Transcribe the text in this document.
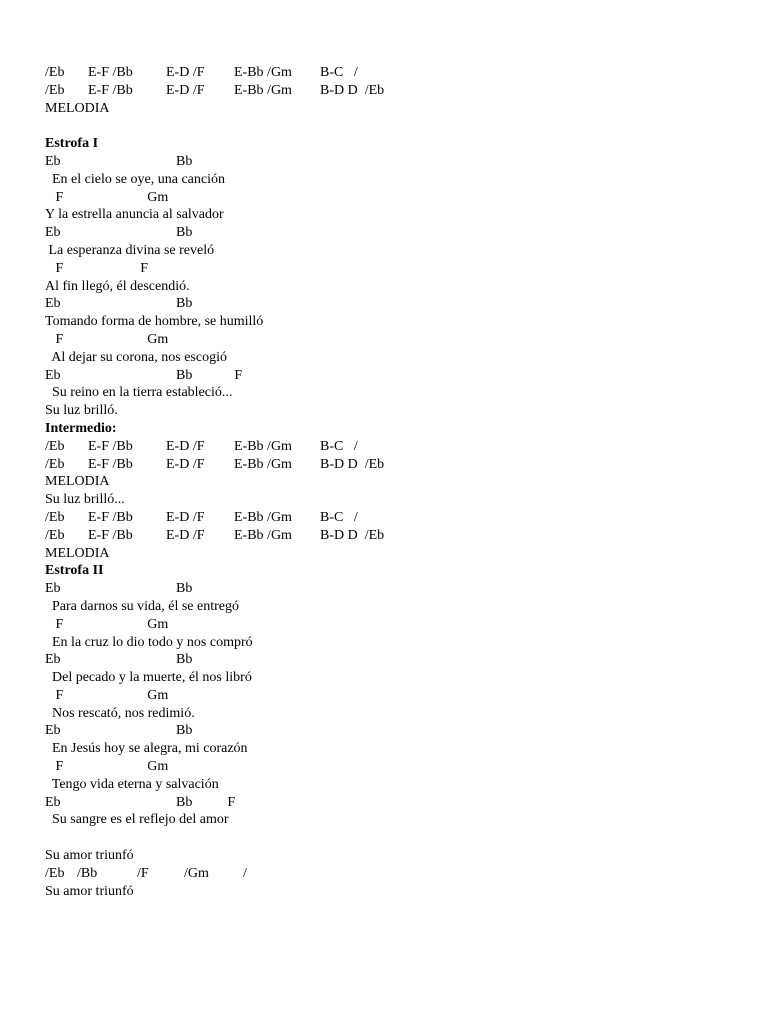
/Eb E-F /Bb E-D /F E-Bb /Gm B-C   /
/Eb E-F /Bb E-D /F E-Bb /Gm B-D D  /Eb
MELODIA
Estrofa I
Eb                                 Bb
En el cielo se oye, una canción
F                        Gm
Y la estrella anuncia al salvador
Eb                                 Bb
La esperanza divina se reveló
F                      F
Al fin llegó, él descendió.
Eb                                 Bb
Tomando forma de hombre, se humilló
F                        Gm
Al dejar su corona, nos escogió
Eb                                 Bb            F
Su reino en la tierra estableció...
Su luz brilló.
Intermedio:
/Eb E-F /Bb E-D /F E-Bb /Gm B-C   /
/Eb E-F /Bb E-D /F E-Bb /Gm B-D D  /Eb
MELODIA
Su luz brilló...
/Eb E-F /Bb E-D /F E-Bb /Gm B-C   /
/Eb E-F /Bb E-D /F E-Bb /Gm B-D D  /Eb
MELODIA
Estrofa II
Eb                                 Bb
Para darnos su vida, él se entregó
F                        Gm
En la cruz lo dio todo y nos compró
Eb                                 Bb
Del pecado y la muerte, él nos libró
F                        Gm
Nos rescató, nos redimió.
Eb                                 Bb
En Jesús hoy se alegra, mi corazón
F                        Gm
Tengo vida eterna y salvación
Eb                                 Bb          F
Su sangre es el reflejo del amor
Su amor triunfó
/Eb /Bb	/F	/Gm /
Su amor triunfó
